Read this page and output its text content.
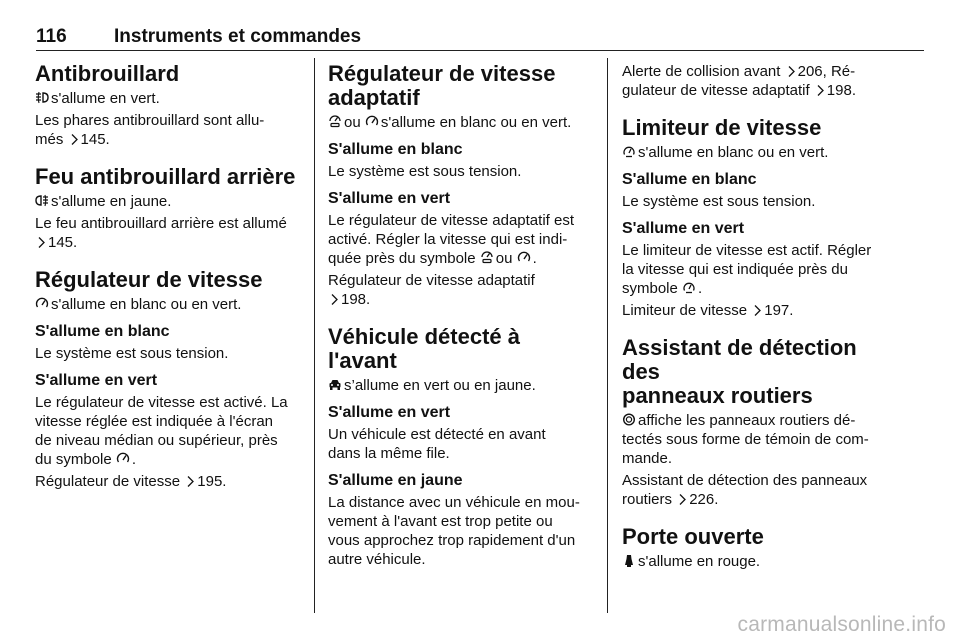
116 Instruments et commandes
Antibrouillard

s'allume en vert.

Les phares antibrouillard sont allu-
més 145.

Feu antibrouillard arrière

s'allume en jaune.

Le feu antibrouillard arrière est allumé

145.

Régulateur de vitesse

s'allume en blanc ou en vert.

S'allume en blanc

Le système est sous tension.

S'allume en vert

Le régulateur de vitesse est activé. La
vitesse réglée est indiquée à l'écran
de niveau médian ou supérieur, près
du symbole .

Régulateur de vitesse 195.

Régulateur de vitesse
adaptatif

ou s'allume en blanc ou en vert.

S'allume en blanc

Le système est sous tension.

S'allume en vert

Le régulateur de vitesse adaptatif est
activé. Régler la vitesse qui est indi-
quée près du symbole ou .

Régulateur de vitesse adaptatif

198.

Véhicule détecté à l'avant

s’allume en vert ou en jaune.

S'allume en vert

Un véhicule est détecté en avant
dans la même file.

S'allume en jaune

La distance avec un véhicule en mou-
vement à l'avant est trop petite ou
vous approchez trop rapidement d'un
autre véhicule.

Alerte de collision avant 206, Ré-
gulateur de vitesse adaptatif 198.

Limiteur de vitesse

s'allume en blanc ou en vert.

S'allume en blanc

Le système est sous tension.

S'allume en vert

Le limiteur de vitesse est actif. Régler
la vitesse qui est indiquée près du
symbole .

Limiteur de vitesse 197.

Assistant de détection des
panneaux routiers

affiche les panneaux routiers dé-
tectés sous forme de témoin de com-
mande.

Assistant de détection des panneaux
routiers 226.

Porte ouverte

s'allume en rouge.

carmanualsonline.info
